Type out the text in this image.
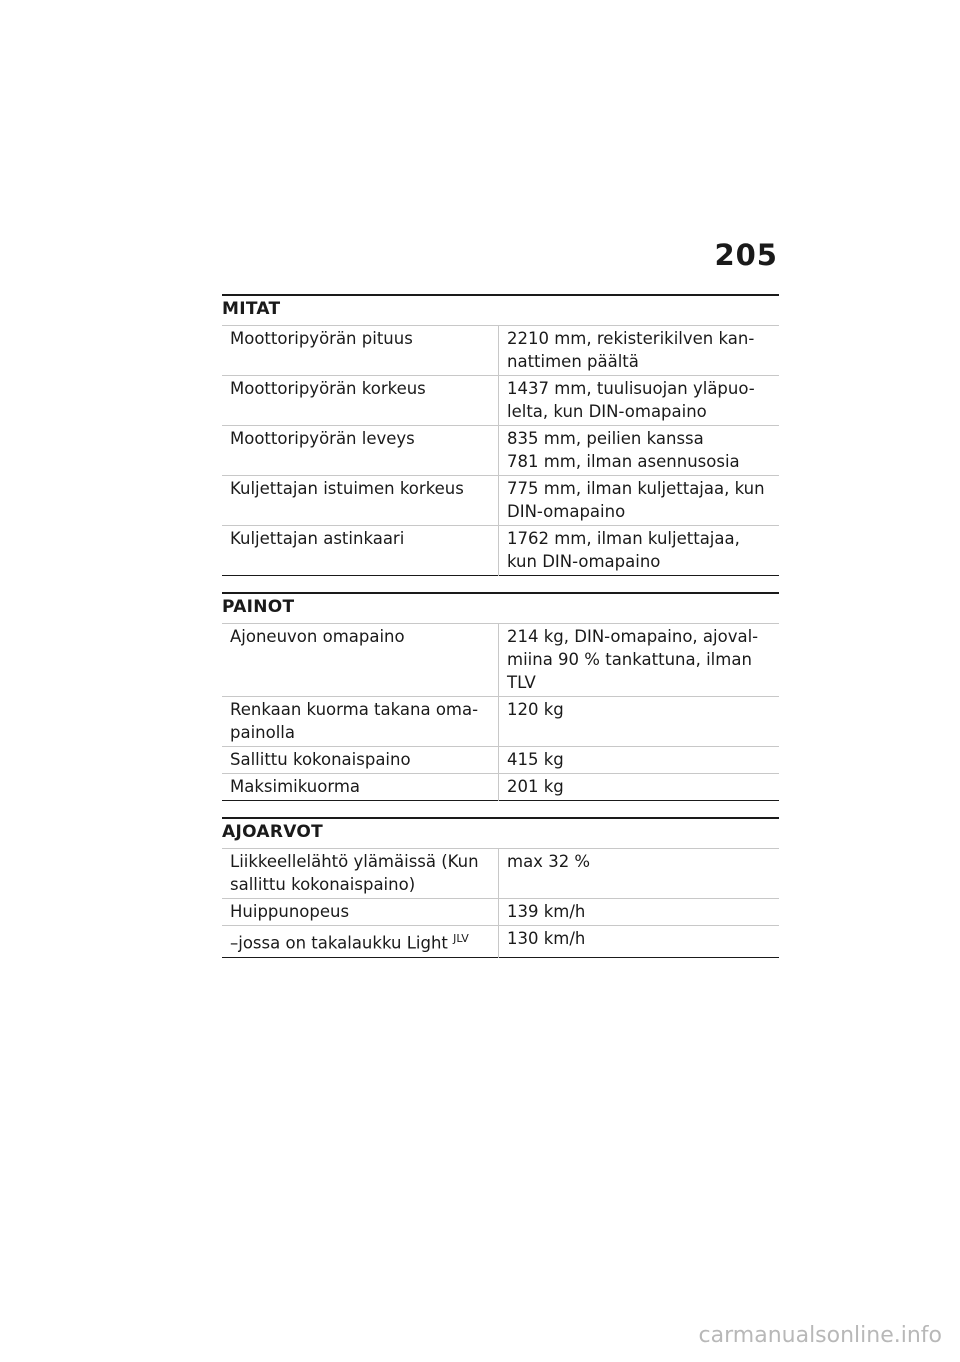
205
MITAT
Moottoripyörän pituus	2210 mm, rekisterikilven kan-
nattimen päältä

Moottoripyörän korkeus	1437 mm, tuulisuojan yläpuo-
lelta, kun DIN-omapaino

Moottoripyörän leveys	835 mm, peilien kanssa
781 mm, ilman asennusosia

Kuljettajan istuimen korkeus	775 mm, ilman kuljettajaa, kun
DIN-omapaino

Kuljettajan astinkaari	1762 mm, ilman kuljettajaa,
kun DIN-omapaino
PAINOT
Ajoneuvon omapaino	214 kg, DIN-omapaino, ajoval-
miina 90 % tankattuna, ilman
TLV

Renkaan kuorma takana oma-
painolla	120 kg

Sallittu kokonaispaino	415 kg

Maksimikuorma	201 kg
AJOARVOT
Liikkeellelähtö ylämäissä (Kun
sallittu kokonaispaino)	max 32 %

Huippunopeus	139 km/h

–jossa on takalaukku Light $^{JLV}$	130 km/h
carmanualsonline.info
